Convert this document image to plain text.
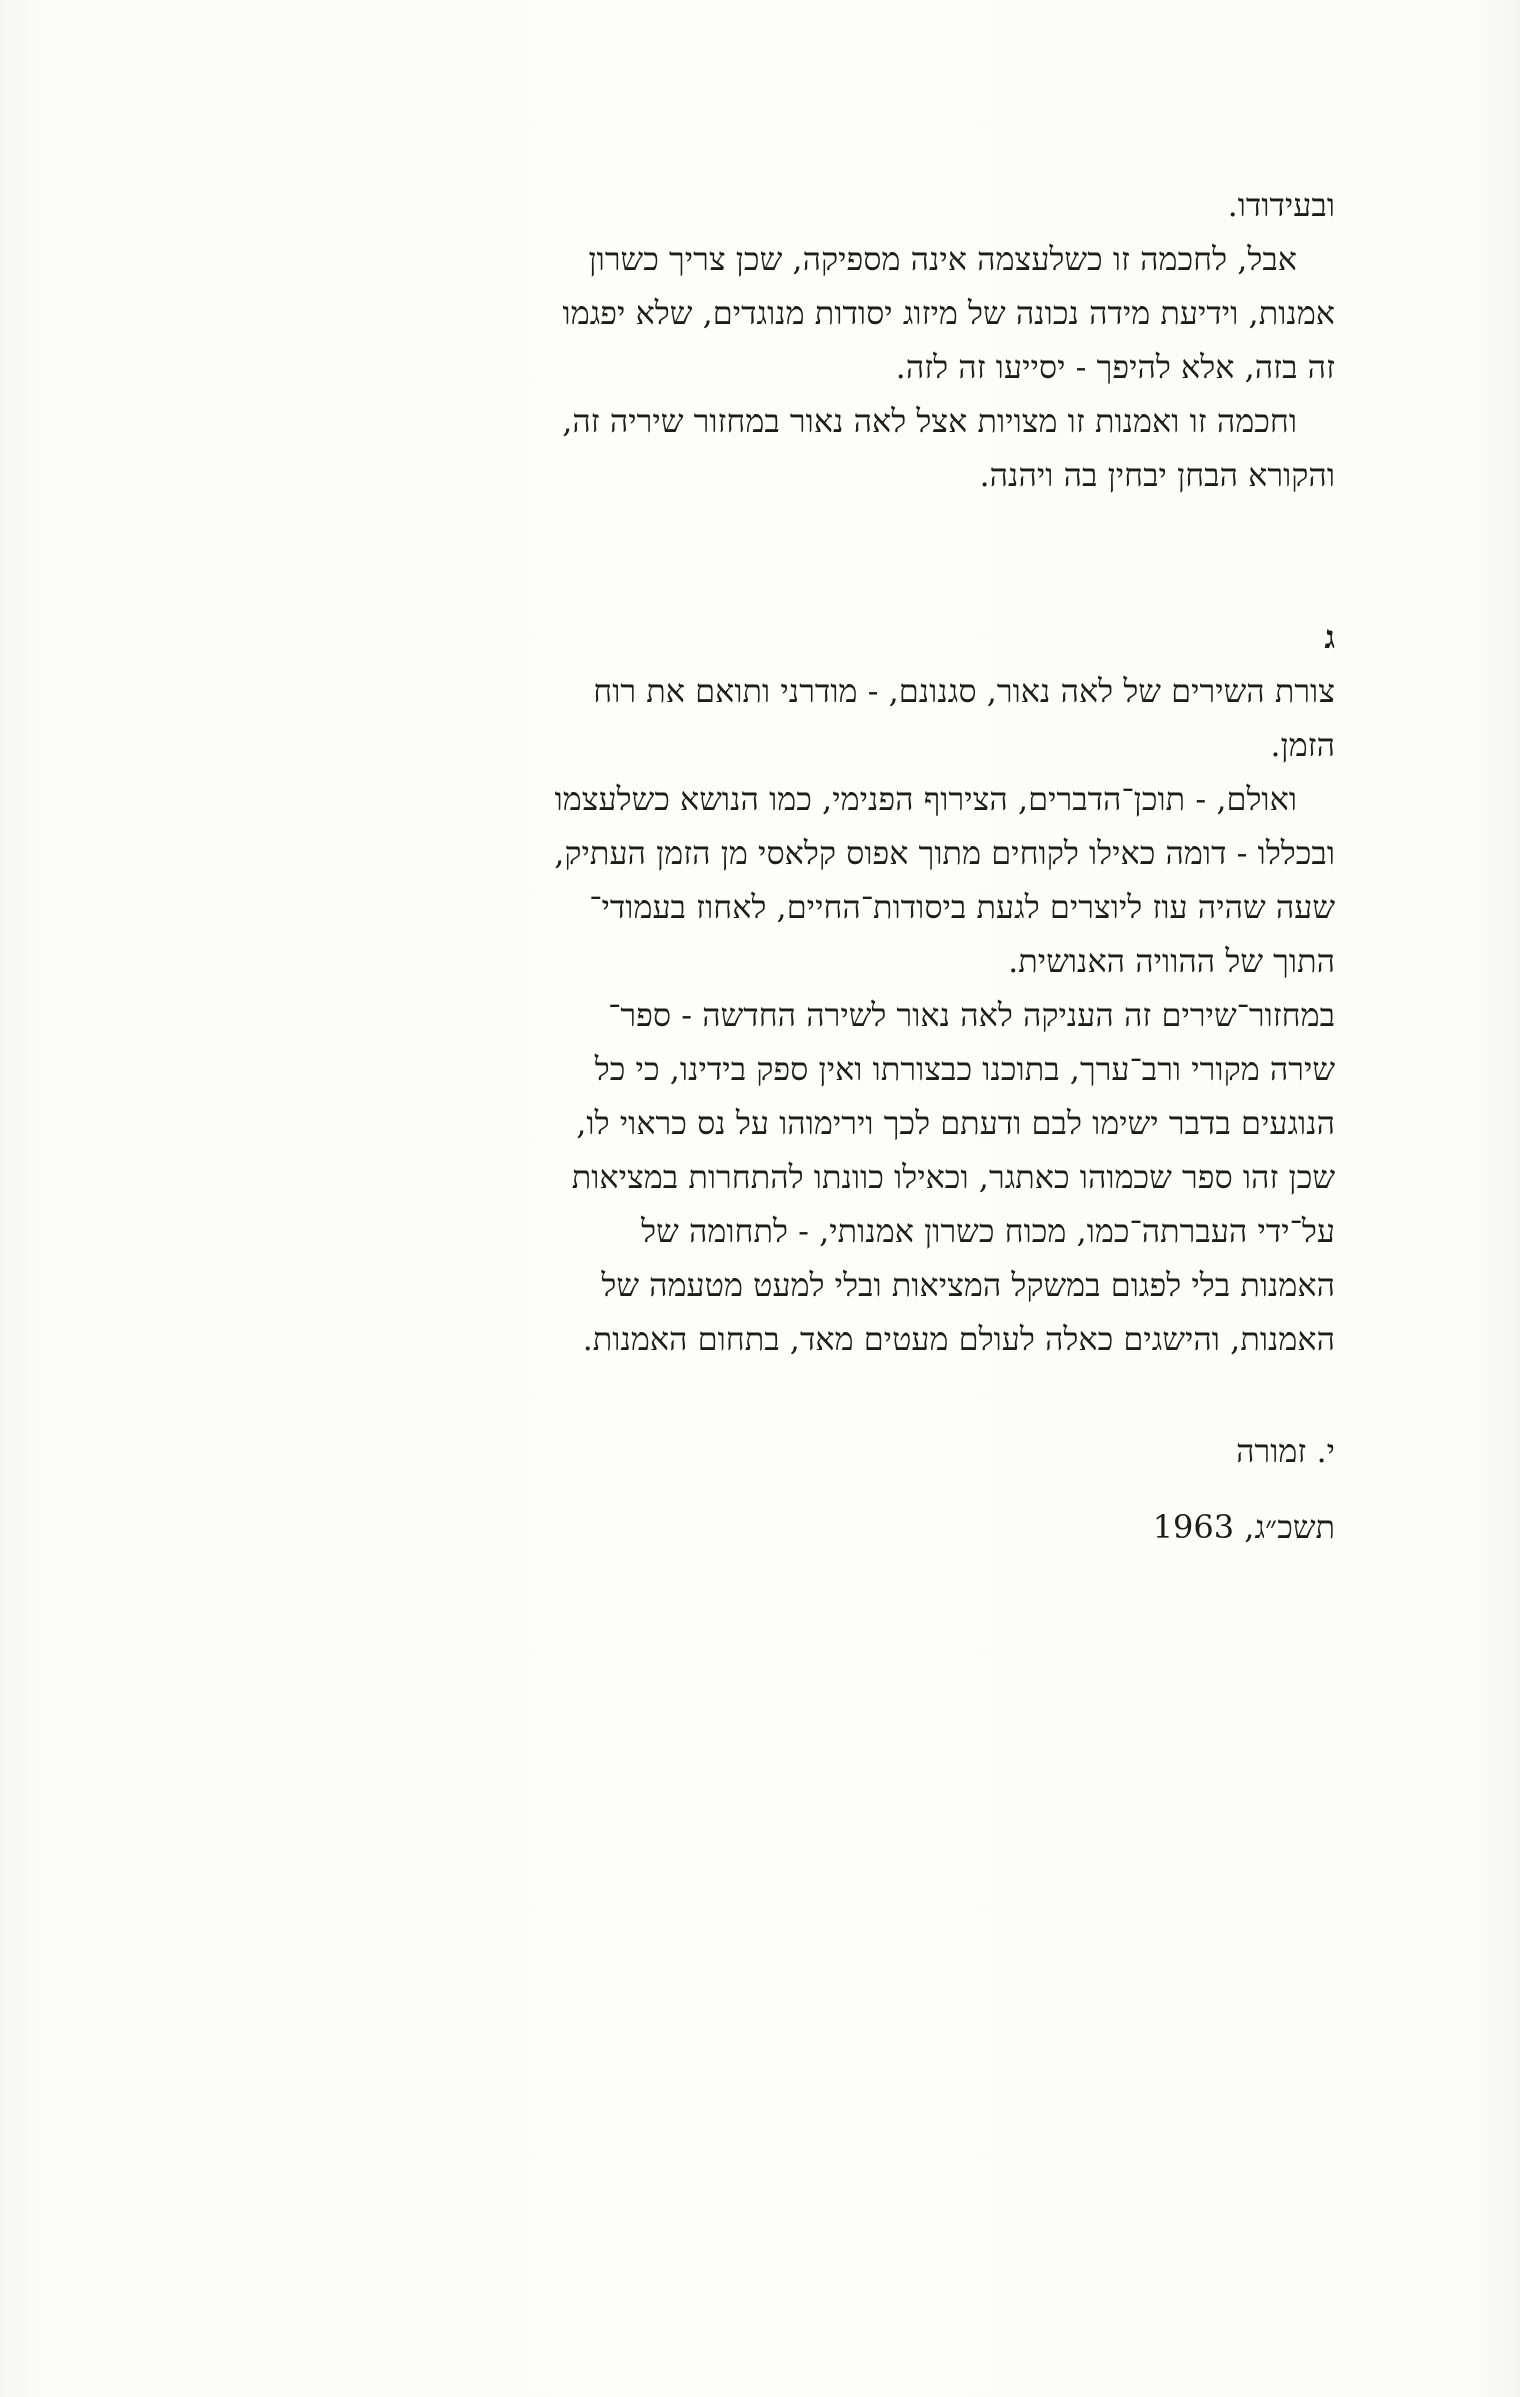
ובעידודו.

אבל, לחכמה זו כשלעצמה אינה מספיקה, שכן צריך כשרון
אמנות, וידיעת מידה נכונה של מיזוג יסודות מנוגדים, שלא יפגמו
זה בזה, אלא להיפך - יסייעו זה לזה.

וחכמה זו ואמנות זו מצויות אצל לאה נאור במחזור שיריה זה,
והקורא הבחן יבחין בה ויהנה.

ג

צורת השירים של לאה נאור, סגנונם, - מודרני ותואם את רוח
הזמן.

ואולם, - תוכן־הדברים, הצירוף הפנימי, כמו הנושא כשלעצמו
ובכללו - דומה כאילו לקוחים מתוך אפוס קלאסי מן הזמן העתיק,
שעה שהיה עוז ליוצרים לגעת ביסודות־החיים, לאחוז בעמודי־
התוך של ההוויה האנושית.

במחזור־שירים זה העניקה לאה נאור לשירה החדשה - ספר־
שירה מקורי ורב־ערך, בתוכנו כבצורתו ואין ספק בידינו, כי כל
הנוגעים בדבר ישימו לבם ודעתם לכך וירימוהו על נס כראוי לו,
שכן זהו ספר שכמוהו כאתגר, וכאילו כוונתו להתחרות במציאות
על־ידי העברתה־כמו, מכוח כשרון אמנותי, - לתחומה של
האמנות בלי לפגום במשקל המציאות ובלי למעט מטעמה של
האמנות, והישגים כאלה לעולם מעטים מאד, בתחום האמנות.

י. זמורה

תשכ״ג, 1963
